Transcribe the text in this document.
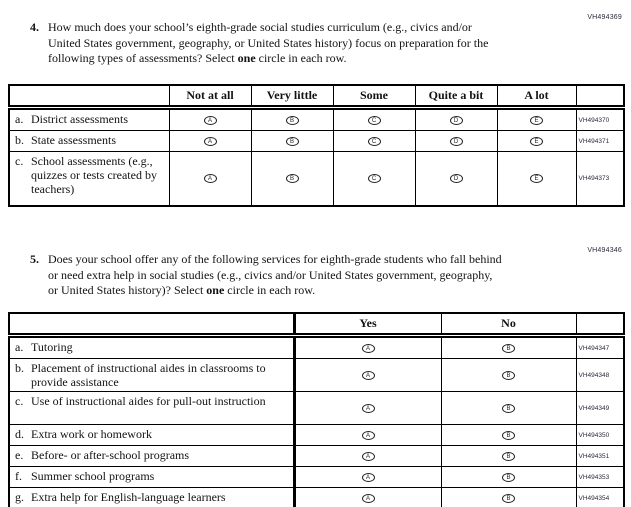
VH494369
4. How much does your school’s eighth-grade social studies curriculum (e.g., civics and/or United States government, geography, or United States history) focus on preparation for the following types of assessments? Select one circle in each row.
	Not at all	Very little	Some	Quite a bit	A lot	

a. District assessments	A	B	C	D	E	VH494370

b. State assessments	A	B	C	D	E	VH494371

c. School assessments (e.g., quizzes or tests created by teachers)	A	B	C	D	E	VH494373
VH494346
5. Does your school offer any of the following services for eighth-grade students who fall behind or need extra help in social studies (e.g., civics and/or United States government, geography, or United States history)? Select one circle in each row.
	Yes	No	

a. Tutoring	A	B	VH494347

b. Placement of instructional aides in classrooms to provide assistance	A	B	VH494348

c. Use of instructional aides for pull-out instruction	A	B	VH494349

d. Extra work or homework	A	B	VH494350

e. Before- or after-school programs	A	B	VH494351

f. Summer school programs	A	B	VH494353

g. Extra help for English-language learners	A	B	VH494354
